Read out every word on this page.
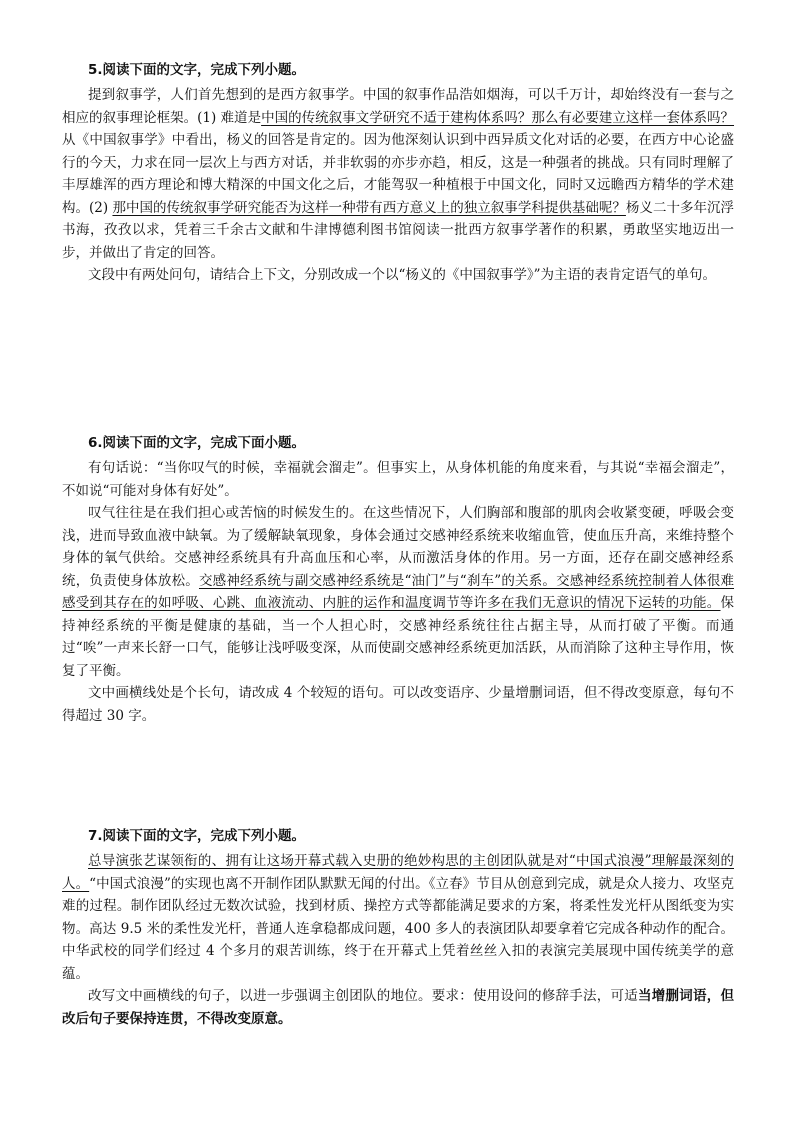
5.阅读下面的文字，完成下列小题。

提到叙事学，人们首先想到的是西方叙事学。中国的叙事作品浩如烟海，可以千万计，却始终没有一套与之相应的叙事理论框架。(1) 难道是中国的传统叙事文学研究不适于建构体系吗？那么有必要建立这样一套体系吗？从《中国叙事学》中看出，杨义的回答是肯定的。因为他深刻认识到中西异质文化对话的必要，在西方中心论盛行的今天，力求在同一层次上与西方对话，并非软弱的亦步亦趋，相反，这是一种强者的挑战。只有同时理解了丰厚雄浑的西方理论和博大精深的中国文化之后，才能驾驭一种植根于中国文化，同时又远瞻西方精华的学术建构。(2) 那中国的传统叙事学研究能否为这样一种带有西方意义上的独立叙事学科提供基础呢？杨义二十多年沉浮书海，孜孜以求，凭着三千余古文献和牛津博德利图书馆阅读一批西方叙事学著作的积累，勇敢坚实地迈出一步，并做出了肯定的回答。

文段中有两处问句，请结合上下文，分别改成一个以“杨义的《中国叙事学》”为主语的表肯定语气的单句。

6.阅读下面的文字，完成下面小题。

有句话说：“当你叹气的时候，幸福就会溜走”。但事实上，从身体机能的角度来看，与其说“幸福会溜走”，不如说“可能对身体有好处”。

叹气往往是在我们担心或苦恼的时候发生的。在这些情况下，人们胸部和腹部的肌肉会收紧变硬，呼吸会变浅，进而导致血液中缺氧。为了缓解缺氧现象，身体会通过交感神经系统来收缩血管，使血压升高，来维持整个身体的氧气供给。交感神经系统具有升高血压和心率，从而激活身体的作用。另一方面，还存在副交感神经系统，负责使身体放松。交感神经系统与副交感神经系统是“油门”与“刹车”的关系。交感神经系统控制着人体很难感受到其存在的如呼吸、心跳、血液流动、内脏的运作和温度调节等许多在我们无意识的情况下运转的功能。保持神经系统的平衡是健康的基础，当一个人担心时，交感神经系统往往占据主导，从而打破了平衡。而通过“唉”一声来长舒一口气，能够让浅呼吸变深，从而使副交感神经系统更加活跃，从而消除了这种主导作用，恢复了平衡。

文中画横线处是个长句，请改成 4 个较短的语句。可以改变语序、少量增删词语，但不得改变原意，每句不得超过 30 字。

7.阅读下面的文字，完成下列小题。

总导演张艺谋领衔的、拥有让这场开幕式载入史册的绝妙构思的主创团队就是对“中国式浪漫”理解最深刻的人。“中国式浪漫”的实现也离不开制作团队默默无闻的付出。《立春》节目从创意到完成，就是众人接力、攻坚克难的过程。制作团队经过无数次试验，找到材质、操控方式等都能满足要求的方案，将柔性发光杆从图纸变为实物。高达 9.5 米的柔性发光杆，普通人连拿稳都成问题，400 多人的表演团队却要拿着它完成各种动作的配合。中华武校的同学们经过 4 个多月的艰苦训练，终于在开幕式上凭着丝丝入扣的表演完美展现中国传统美学的意蕴。

改写文中画横线的句子，以进一步强调主创团队的地位。要求：使用设问的修辞手法，可适当增删词语，但改后句子要保持连贯，不得改变原意。
